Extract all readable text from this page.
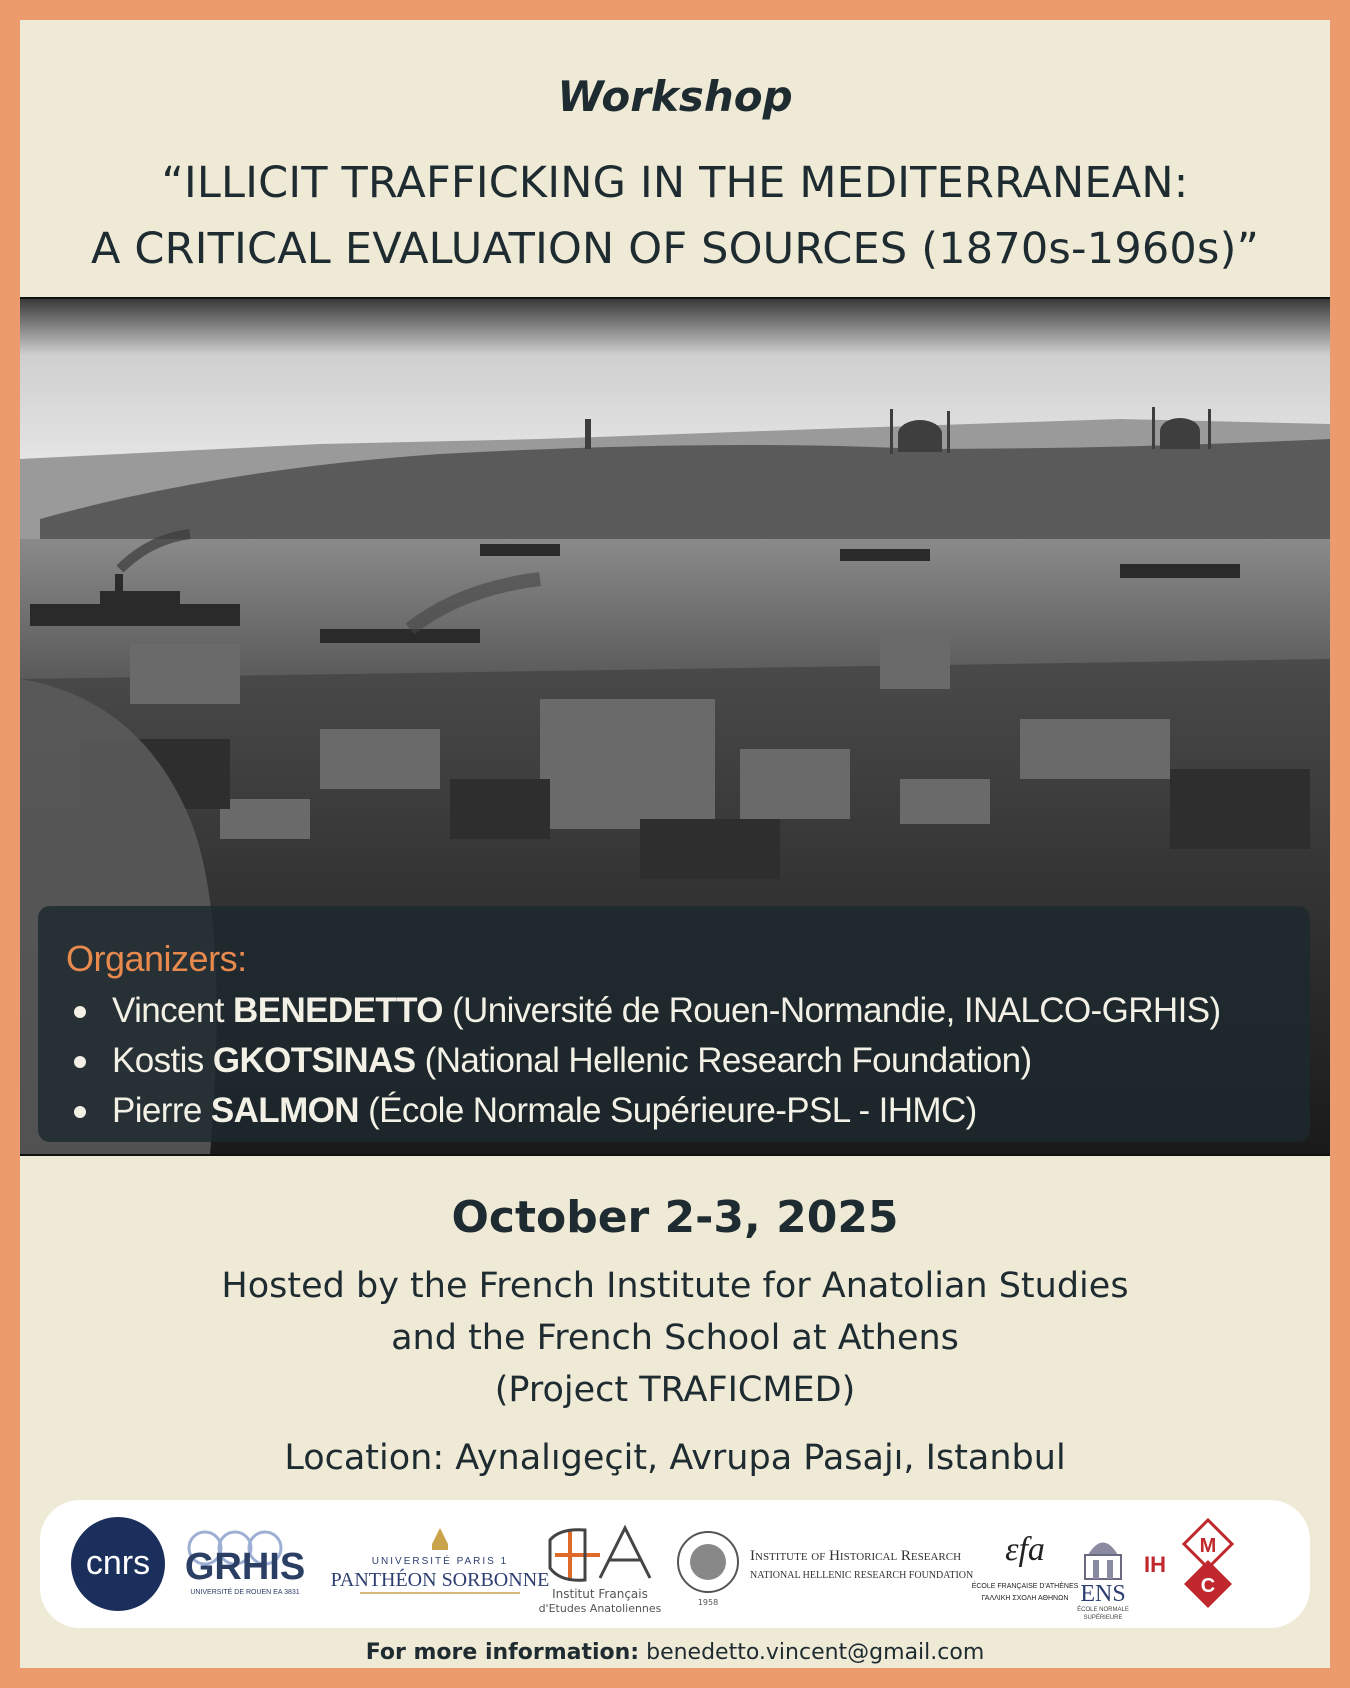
Workshop
“ILLICIT TRAFFICKING IN THE MEDITERRANEAN:
A CRITICAL EVALUATION OF SOURCES (1870s-1960s)”
Organizers:
Vincent BENEDETTO (Université de Rouen-Normandie, INALCO-GRHIS)
Kostis GKOTSINAS (National Hellenic Research Foundation)
Pierre SALMON (École Normale Supérieure-PSL - IHMC)
October 2-3, 2025
Hosted by the French Institute for Anatolian Studies
and the French School at Athens
(Project TRAFICMED)
Location: Aynalıgeçit, Avrupa Pasajı, Istanbul
cnrs GRHIS
UNIVERSITÉ DE ROUEN EA 3831
UNIVERSITÉ PARIS 1
PANTHÉON SORBONNE
Institut Français
d'Etudes Anatoliennes	1958
Institute of Historical Research
NATIONAL HELLENIC RESEARCH FOUNDATION
εfa
ÉCOLE FRANÇAISE D'ATHÈNES
ΓΑΛΛΙΚΗ ΣΧΟΛΗ ΑΘΗΝΩΝ ENS
ÉCOLE NORMALE
SUPÉRIEURE
IH
M
C
For more information: benedetto.vincent@gmail.com
